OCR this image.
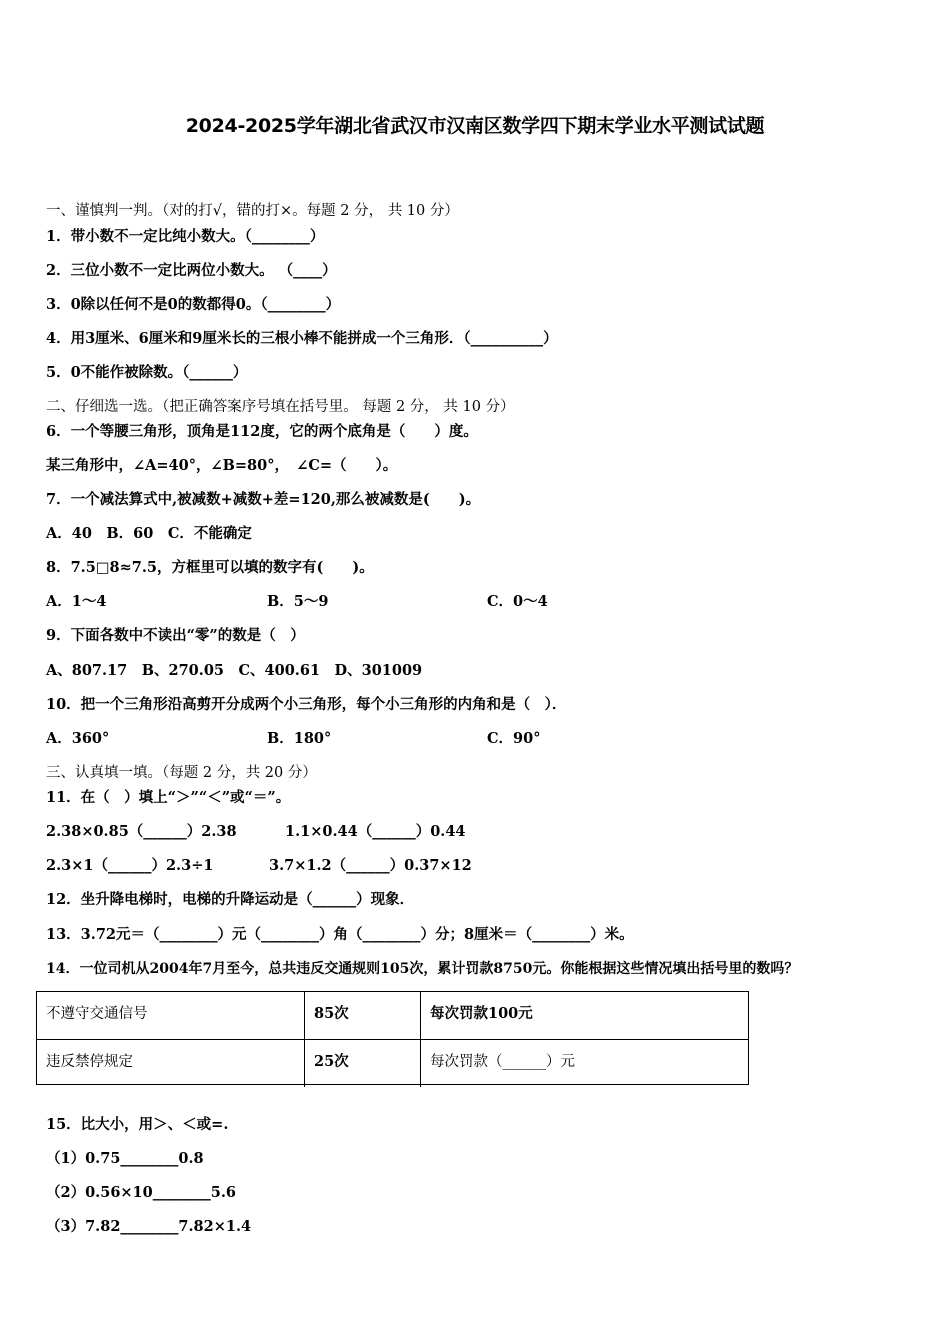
2024-2025学年湖北省武汉市汉南区数学四下期末学业水平测试试题
一、谨慎判一判。（对的打√，错的打×。每题 2 分， 共 10 分）
1．带小数不一定比纯小数大。（________）
2．三位小数不一定比两位小数大。 （____）
3．0除以任何不是0的数都得0。（________）
4．用3厘米、6厘米和9厘米长的三根小棒不能拼成一个三角形．（__________）
5．0不能作被除数。（______）
二、仔细选一选。（把正确答案序号填在括号里。 每题 2 分， 共 10 分）
6．一个等腰三角形，顶角是112度，它的两个底角是（　　）度。
某三角形中，∠A=40°，∠B=80°，　∠C=（　　）。
7．一个减法算式中,被减数+减数+差=120,那么被减数是(　　)。
A．40　B．60　C．不能确定
8．7.5□8≈7.5，方框里可以填的数字有(　　)。
A．1～4	B．5～9	C．0～4
9．下面各数中不读出“零”的数是（　）
A、807.17　B、270.05　C、400.61　D、301009
10．把一个三角形沿高剪开分成两个小三角形，每个小三角形的内角和是（　）．
A．360°	B．180°	C．90°
三、认真填一填。（每题 2 分，共 20 分）
11．在（　）填上“＞”“＜”或“＝”。
2.38×0.85（______）2.38	1.1×0.44（______）0.44
2.3×1（______）2.3÷1	3.7×1.2（______）0.37×12
12．坐升降电梯时，电梯的升降运动是（______）现象．
13．3.72元＝（________）元（________）角（________）分；8厘米＝（________）米。
14．一位司机从2004年7月至今，总共违反交通规则105次，累计罚款8750元。你能根据这些情况填出括号里的数吗？
不遵守交通信号	85次	每次罚款100元
违反禁停规定	25次	每次罚款（______）元
15．比大小，用＞、＜或=.
（1）0.75________0.8
（2）0.56×10________5.6
（3）7.82________7.82×1.4
